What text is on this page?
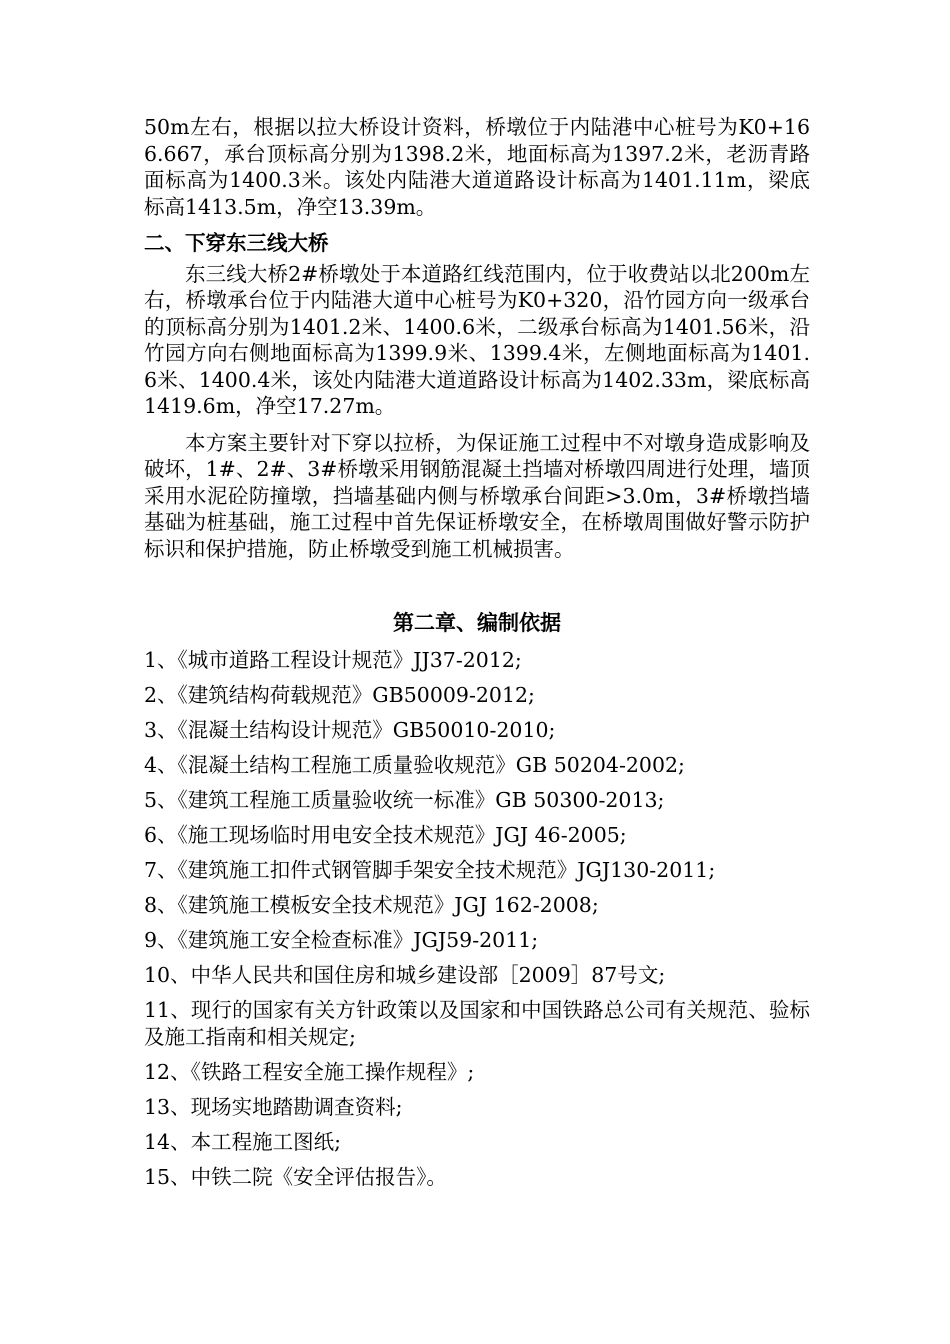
50m左右，根据以拉大桥设计资料，桥墩位于内陆港中心桩号为K0+166.667，承台顶标高分别为1398.2米，地面标高为1397.2米，老沥青路面标高为1400.3米。该处内陆港大道道路设计标高为1401.11m，梁底标高1413.5m，净空13.39m。

二、下穿东三线大桥

东三线大桥2#桥墩处于本道路红线范围内，位于收费站以北200m左右，桥墩承台位于内陆港大道中心桩号为K0+320，沿竹园方向一级承台的顶标高分别为1401.2米、1400.6米，二级承台标高为1401.56米，沿竹园方向右侧地面标高为1399.9米、1399.4米，左侧地面标高为1401.6米、1400.4米，该处内陆港大道道路设计标高为1402.33m，梁底标高1419.6m，净空17.27m。

本方案主要针对下穿以拉桥，为保证施工过程中不对墩身造成影响及破坏，1#、2#、3#桥墩采用钢筋混凝土挡墙对桥墩四周进行处理，墙顶采用水泥砼防撞墩，挡墙基础内侧与桥墩承台间距>3.0m，3#桥墩挡墙基础为桩基础，施工过程中首先保证桥墩安全，在桥墩周围做好警示防护标识和保护措施，防止桥墩受到施工机械损害。

第二章、编制依据
1、《城市道路工程设计规范》JJ37-2012;
2、《建筑结构荷载规范》GB50009-2012;
3、《混凝土结构设计规范》GB50010-2010;
4、《混凝土结构工程施工质量验收规范》GB 50204-2002;
5、《建筑工程施工质量验收统一标准》GB 50300-2013;
6、《施工现场临时用电安全技术规范》JGJ 46-2005;
7、《建筑施工扣件式钢管脚手架安全技术规范》JGJ130-2011;
8、《建筑施工模板安全技术规范》JGJ 162-2008;
9、《建筑施工安全检查标准》JGJ59-2011;
10、中华人民共和国住房和城乡建设部［2009］87号文;
11、现行的国家有关方针政策以及国家和中国铁路总公司有关规范、验标及施工指南和相关规定;
12、《铁路工程安全施工操作规程》;
13、现场实地踏勘调查资料;
14、本工程施工图纸;
15、中铁二院《安全评估报告》。
